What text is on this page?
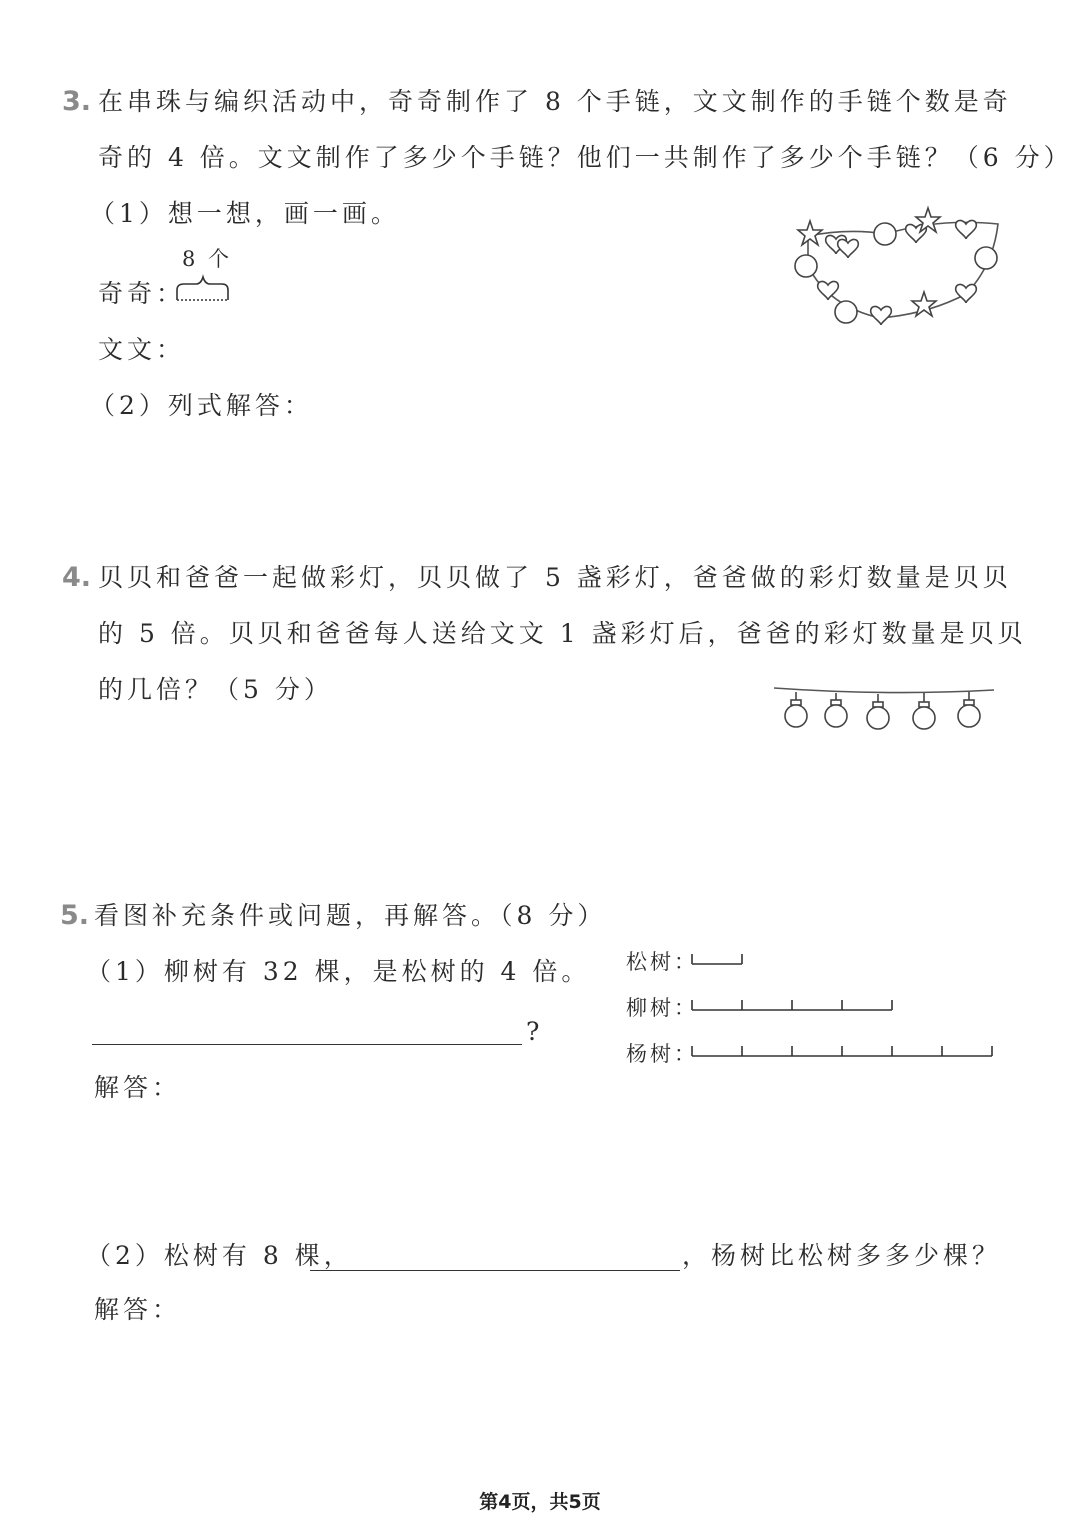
3. 在串珠与编织活动中，奇奇制作了 8 个手链，文文制作的手链个数是奇
奇的 4 倍。文文制作了多少个手链？他们一共制作了多少个手链？（6 分）
（1）想一想，画一画。
8 个
奇奇：
文文：
（2）列式解答：
4. 贝贝和爸爸一起做彩灯，贝贝做了 5 盏彩灯，爸爸做的彩灯数量是贝贝
的 5 倍。贝贝和爸爸每人送给文文 1 盏彩灯后，爸爸的彩灯数量是贝贝
的几倍？（5 分）
5. 看图补充条件或问题，再解答。（8 分）
（1）柳树有 32 棵，是松树的 4 倍。
?
解答：
松树：
柳树：
杨树：
（2）松树有 8 棵，	，杨树比松树多多少棵？
解答：
第4页，共5页
